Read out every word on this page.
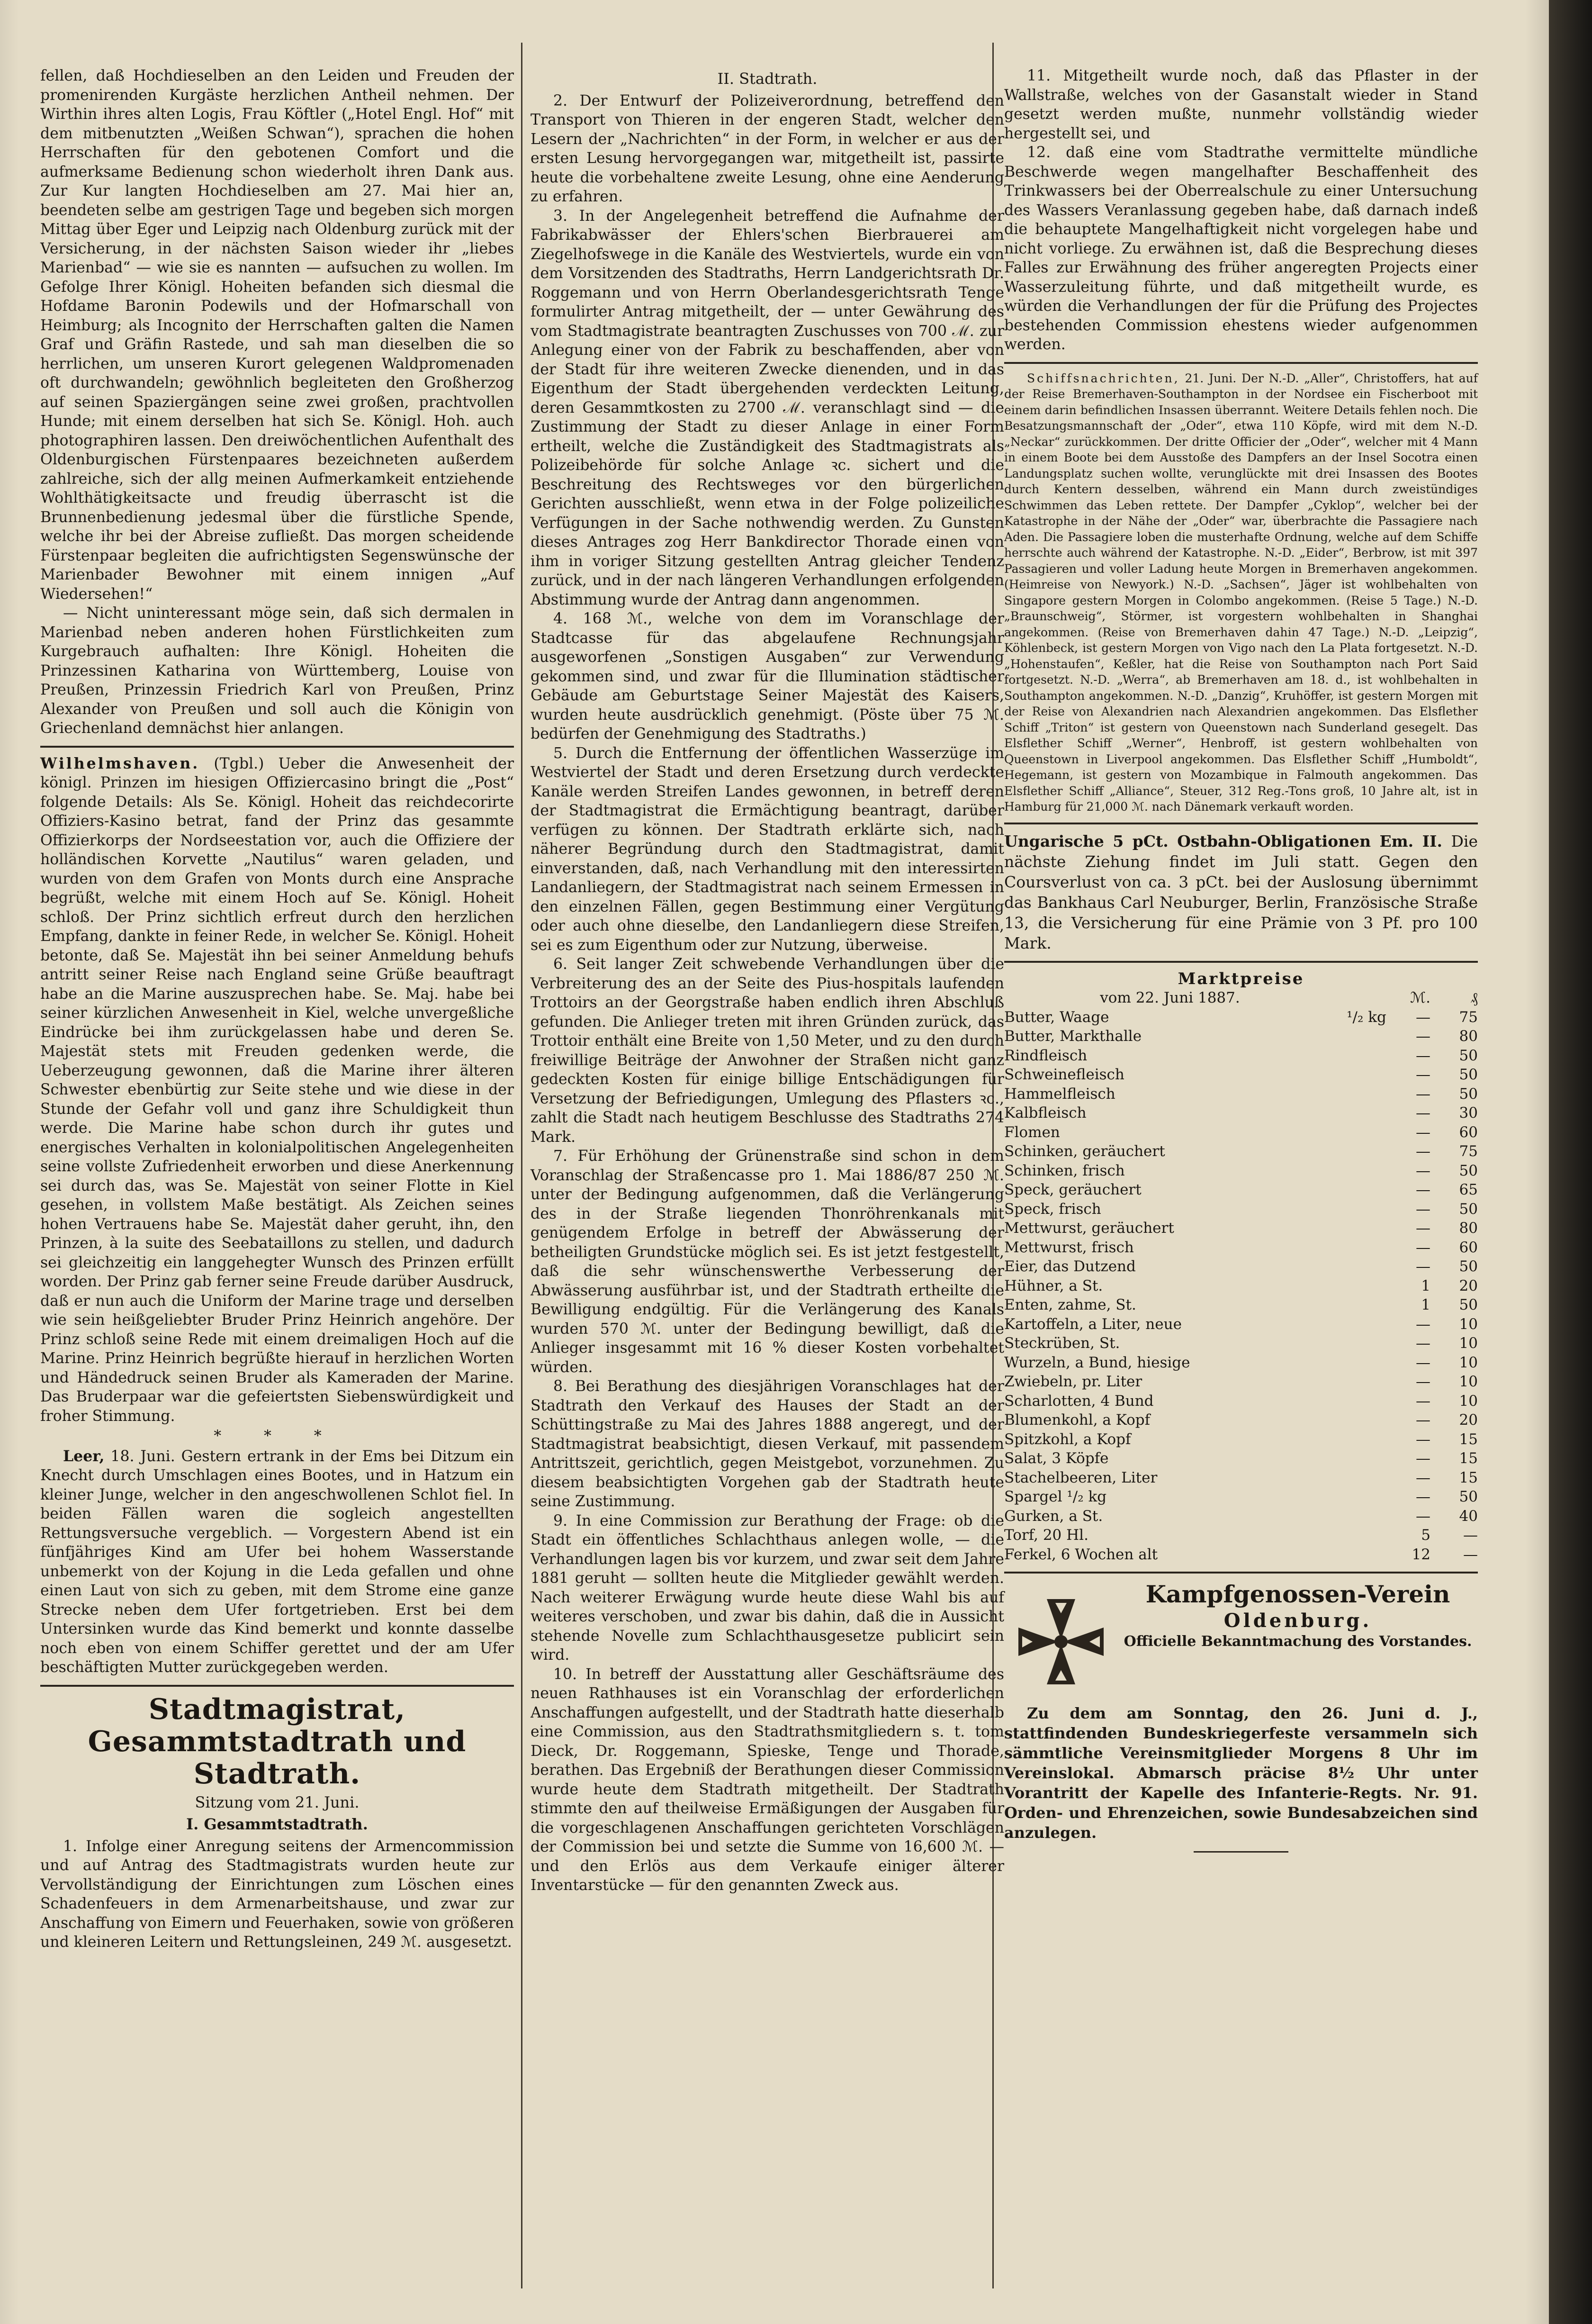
fellen, daß Hochdieselben an den Leiden und Freuden der promenirenden Kurgäste herzlichen Antheil nehmen. Der Wirthin ihres alten Logis, Frau Köftler („Hotel Engl. Hof“ mit dem mitbenutzten „Weißen Schwan“), sprachen die hohen Herrschaften für den gebotenen Comfort und die aufmerksame Bedienung schon wiederholt ihren Dank aus. Zur Kur langten Hochdieselben am 27. Mai hier an, beendeten selbe am gestrigen Tage und begeben sich morgen Mittag über Eger und Leipzig nach Oldenburg zurück mit der Versicherung, in der nächsten Saison wieder ihr „liebes Marienbad“ — wie sie es nannten — aufsuchen zu wollen. Im Gefolge Ihrer Königl. Hoheiten befanden sich diesmal die Hofdame Baronin Podewils und der Hofmarschall von Heimburg; als Incognito der Herrschaften galten die Namen Graf und Gräfin Rastede, und sah man dieselben die so herrlichen, um unseren Kurort gelegenen Waldpromenaden oft durchwandeln; gewöhnlich begleiteten den Großherzog auf seinen Spaziergängen seine zwei großen, prachtvollen Hunde; mit einem derselben hat sich Se. Königl. Hoh. auch photographiren lassen. Den dreiwöchentlichen Aufenthalt des Oldenburgischen Fürstenpaares bezeichneten außerdem zahlreiche, sich der allg meinen Aufmerkamkeit entziehende Wohlthätigkeitsacte und freudig überrascht ist die Brunnenbedienung jedesmal über die fürstliche Spende, welche ihr bei der Abreise zufließt. Das morgen scheidende Fürstenpaar begleiten die aufrichtigsten Segenswünsche der Marienbader Bewohner mit einem innigen „Auf Wiedersehen!“

— Nicht uninteressant möge sein, daß sich dermalen in Marienbad neben anderen hohen Fürstlichkeiten zum Kurgebrauch aufhalten: Ihre Königl. Hoheiten die Prinzessinen Katharina von Württemberg, Louise von Preußen, Prinzessin Friedrich Karl von Preußen, Prinz Alexander von Preußen und soll auch die Königin von Griechenland demnächst hier anlangen.

Wilhelmshaven. (Tgbl.) Ueber die Anwesenheit der königl. Prinzen im hiesigen Offiziercasino bringt die „Post“ folgende Details: Als Se. Königl. Hoheit das reichdecorirte Offiziers-Kasino betrat, fand der Prinz das gesammte Offizierkorps der Nordseestation vor, auch die Offiziere der holländischen Korvette „Nautilus“ waren geladen, und wurden von dem Grafen von Monts durch eine Ansprache begrüßt, welche mit einem Hoch auf Se. Königl. Hoheit schloß. Der Prinz sichtlich erfreut durch den herzlichen Empfang, dankte in feiner Rede, in welcher Se. Königl. Hoheit betonte, daß Se. Majestät ihn bei seiner Anmeldung behufs antritt seiner Reise nach England seine Grüße beauftragt habe an die Marine auszusprechen habe. Se. Maj. habe bei seiner kürzlichen Anwesenheit in Kiel, welche unvergeßliche Eindrücke bei ihm zurückgelassen habe und deren Se. Majestät stets mit Freuden gedenken werde, die Ueberzeugung gewonnen, daß die Marine ihrer älteren Schwester ebenbürtig zur Seite stehe und wie diese in der Stunde der Gefahr voll und ganz ihre Schuldigkeit thun werde. Die Marine habe schon durch ihr gutes und energisches Verhalten in kolonialpolitischen Angelegenheiten seine vollste Zufriedenheit erworben und diese Anerkennung sei durch das, was Se. Majestät von seiner Flotte in Kiel gesehen, in vollstem Maße bestätigt. Als Zeichen seines hohen Vertrauens habe Se. Majestät daher geruht, ihn, den Prinzen, à la suite des Seebataillons zu stellen, und dadurch sei gleichzeitig ein langgehegter Wunsch des Prinzen erfüllt worden. Der Prinz gab ferner seine Freude darüber Ausdruck, daß er nun auch die Uniform der Marine trage und derselben wie sein heißgeliebter Bruder Prinz Heinrich angehöre. Der Prinz schloß seine Rede mit einem dreimaligen Hoch auf die Marine. Prinz Heinrich begrüßte hierauf in herzlichen Worten und Händedruck seinen Bruder als Kameraden der Marine. Das Bruderpaar war die gefeiertsten Siebenswürdigkeit und froher Stimmung.

* * *

Leer, 18. Juni. Gestern ertrank in der Ems bei Ditzum ein Knecht durch Umschlagen eines Bootes, und in Hatzum ein kleiner Junge, welcher in den angeschwollenen Schlot fiel. In beiden Fällen waren die sogleich angestellten Rettungsversuche vergeblich. — Vorgestern Abend ist ein fünfjähriges Kind am Ufer bei hohem Wasserstande unbemerkt von der Kojung in die Leda gefallen und ohne einen Laut von sich zu geben, mit dem Strome eine ganze Strecke neben dem Ufer fortgetrieben. Erst bei dem Untersinken wurde das Kind bemerkt und konnte dasselbe noch eben von einem Schiffer gerettet und der am Ufer beschäftigten Mutter zurückgegeben werden.

Stadtmagistrat, Gesammtstadtrath und Stadtrath.
Sitzung vom 21. Juni.
I. Gesammtstadtrath.

1. Infolge einer Anregung seitens der Armencommission und auf Antrag des Stadtmagistrats wurden heute zur Vervollständigung der Einrichtungen zum Löschen eines Schadenfeuers in dem Armenarbeitshause, und zwar zur Anschaffung von Eimern und Feuerhaken, sowie von größeren und kleineren Leitern und Rettungsleinen, 249 ℳ. ausgesetzt.

II. Stadtrath.

2. Der Entwurf der Polizeiverordnung, betreffend den Transport von Thieren in der engeren Stadt, welcher den Lesern der „Nachrichten“ in der Form, in welcher er aus der ersten Lesung hervorgegangen war, mitgetheilt ist, passirte heute die vorbehaltene zweite Lesung, ohne eine Aenderung zu erfahren.

3. In der Angelegenheit betreffend die Aufnahme der Fabrikabwässer der Ehlers'schen Bierbrauerei am Ziegelhofswege in die Kanäle des Westviertels, wurde ein von dem Vorsitzenden des Stadtraths, Herrn Landgerichtsrath Dr. Roggemann und von Herrn Oberlandesgerichtsrath Tenge formulirter Antrag mitgetheilt, der — unter Gewährung des vom Stadtmagistrate beantragten Zuschusses von 700 ℳ. zur Anlegung einer von der Fabrik zu beschaffenden, aber von der Stadt für ihre weiteren Zwecke dienenden, und in das Eigenthum der Stadt übergehenden verdeckten Leitung, deren Gesammtkosten zu 2700 ℳ. veranschlagt sind — die Zustimmung der Stadt zu dieser Anlage in einer Form ertheilt, welche die Zuständigkeit des Stadtmagistrats als Polizeibehörde für solche Anlage ꝛc. sichert und die Beschreitung des Rechtsweges vor den bürgerlichen Gerichten ausschließt, wenn etwa in der Folge polizeiliche Verfügungen in der Sache nothwendig werden. Zu Gunsten dieses Antrages zog Herr Bankdirector Thorade einen von ihm in voriger Sitzung gestellten Antrag gleicher Tendenz zurück, und in der nach längeren Verhandlungen erfolgenden Abstimmung wurde der Antrag dann angenommen.

4. 168 ℳ., welche von dem im Voranschlage der Stadtcasse für das abgelaufene Rechnungsjahr ausgeworfenen „Sonstigen Ausgaben“ zur Verwendung gekommen sind, und zwar für die Illumination städtischer Gebäude am Geburtstage Seiner Majestät des Kaisers, wurden heute ausdrücklich genehmigt. (Pöste über 75 ℳ. bedürfen der Genehmigung des Stadtraths.)

5. Durch die Entfernung der öffentlichen Wasserzüge im Westviertel der Stadt und deren Ersetzung durch verdeckte Kanäle werden Streifen Landes gewonnen, in betreff deren der Stadtmagistrat die Ermächtigung beantragt, darüber verfügen zu können. Der Stadtrath erklärte sich, nach näherer Begründung durch den Stadtmagistrat, damit einverstanden, daß, nach Verhandlung mit den interessirten Landanliegern, der Stadtmagistrat nach seinem Ermessen in den einzelnen Fällen, gegen Bestimmung einer Vergütung oder auch ohne dieselbe, den Landanliegern diese Streifen, sei es zum Eigenthum oder zur Nutzung, überweise.

6. Seit langer Zeit schwebende Verhandlungen über die Verbreiterung des an der Seite des Pius-hospitals laufenden Trottoirs an der Georgstraße haben endlich ihren Abschluß gefunden. Die Anlieger treten mit ihren Gründen zurück, das Trottoir enthält eine Breite von 1,50 Meter, und zu den durch freiwillige Beiträge der Anwohner der Straßen nicht ganz gedeckten Kosten für einige billige Entschädigungen für Versetzung der Befriedigungen, Umlegung des Pflasters ꝛc., zahlt die Stadt nach heutigem Beschlusse des Stadtraths 274 Mark.

7. Für Erhöhung der Grünenstraße sind schon in dem Voranschlag der Straßencasse pro 1. Mai 1886/87 250 ℳ. unter der Bedingung aufgenommen, daß die Verlängerung des in der Straße liegenden Thonröhrenkanals mit genügendem Erfolge in betreff der Abwässerung der betheiligten Grundstücke möglich sei. Es ist jetzt festgestellt, daß die sehr wünschenswerthe Verbesserung der Abwässerung ausführbar ist, und der Stadtrath ertheilte die Bewilligung endgültig. Für die Verlängerung des Kanals wurden 570 ℳ. unter der Bedingung bewilligt, daß die Anlieger insgesammt mit 16 % dieser Kosten vorbehaltet würden.

8. Bei Berathung des diesjährigen Voranschlages hat der Stadtrath den Verkauf des Hauses der Stadt an der Schüttingstraße zu Mai des Jahres 1888 angeregt, und der Stadtmagistrat beabsichtigt, diesen Verkauf, mit passendem Antrittszeit, gerichtlich, gegen Meistgebot, vorzunehmen. Zu diesem beabsichtigten Vorgehen gab der Stadtrath heute seine Zustimmung.

9. In eine Commission zur Berathung der Frage: ob die Stadt ein öffentliches Schlachthaus anlegen wolle, — die Verhandlungen lagen bis vor kurzem, und zwar seit dem Jahre 1881 geruht — sollten heute die Mitglieder gewählt werden. Nach weiterer Erwägung wurde heute diese Wahl bis auf weiteres verschoben, und zwar bis dahin, daß die in Aussicht stehende Novelle zum Schlachthausgesetze publicirt sein wird.

10. In betreff der Ausstattung aller Geschäftsräume des neuen Rathhauses ist ein Voranschlag der erforderlichen Anschaffungen aufgestellt, und der Stadtrath hatte dieserhalb eine Commission, aus den Stadtrathsmitgliedern s. t. tom Dieck, Dr. Roggemann, Spieske, Tenge und Thorade, berathen. Das Ergebniß der Berathungen dieser Commission wurde heute dem Stadtrath mitgetheilt. Der Stadtrath stimmte den auf theilweise Ermäßigungen der Ausgaben für die vorgeschlagenen Anschaffungen gerichteten Vorschlägen der Commission bei und setzte die Summe von 16,600 ℳ. — und den Erlös aus dem Verkaufe einiger älterer Inventarstücke — für den genannten Zweck aus.

11. Mitgetheilt wurde noch, daß das Pflaster in der Wallstraße, welches von der Gasanstalt wieder in Stand gesetzt werden mußte, nunmehr vollständig wieder hergestellt sei, und

12. daß eine vom Stadtrathe vermittelte mündliche Beschwerde wegen mangelhafter Beschaffenheit des Trinkwassers bei der Oberrealschule zu einer Untersuchung des Wassers Veranlassung gegeben habe, daß darnach indeß die behauptete Mangelhaftigkeit nicht vorgelegen habe und nicht vorliege. Zu erwähnen ist, daß die Besprechung dieses Falles zur Erwähnung des früher angeregten Projects einer Wasserzuleitung führte, und daß mitgetheilt wurde, es würden die Verhandlungen der für die Prüfung des Projectes bestehenden Commission ehestens wieder aufgenommen werden.

Schiffsnachrichten, 21. Juni. Der N.-D. „Aller“, Christoffers, hat auf der Reise Bremerhaven-Southampton in der Nordsee ein Fischerboot mit einem darin befindlichen Insassen überrannt. Weitere Details fehlen noch. Die Besatzungsmannschaft der „Oder“, etwa 110 Köpfe, wird mit dem N.-D. „Neckar“ zurückkommen. Der dritte Officier der „Oder“, welcher mit 4 Mann in einem Boote bei dem Ausstoße des Dampfers an der Insel Socotra einen Landungsplatz suchen wollte, verunglückte mit drei Insassen des Bootes durch Kentern desselben, während ein Mann durch zweistündiges Schwimmen das Leben rettete. Der Dampfer „Cyklop“, welcher bei der Katastrophe in der Nähe der „Oder“ war, überbrachte die Passagiere nach Aden. Die Passagiere loben die musterhafte Ordnung, welche auf dem Schiffe herrschte auch während der Katastrophe. N.-D. „Eider“, Berbrow, ist mit 397 Passagieren und voller Ladung heute Morgen in Bremerhaven angekommen. (Heimreise von Newyork.) N.-D. „Sachsen“, Jäger ist wohlbehalten von Singapore gestern Morgen in Colombo angekommen. (Reise 5 Tage.) N.-D. „Braunschweig“, Störmer, ist vorgestern wohlbehalten in Shanghai angekommen. (Reise von Bremerhaven dahin 47 Tage.) N.-D. „Leipzig“, Köhlenbeck, ist gestern Morgen von Vigo nach den La Plata fortgesetzt. N.-D. „Hohenstaufen“, Keßler, hat die Reise von Southampton nach Port Said fortgesetzt. N.-D. „Werra“, ab Bremerhaven am 18. d., ist wohlbehalten in Southampton angekommen. N.-D. „Danzig“, Kruhöffer, ist gestern Morgen mit der Reise von Alexandrien nach Alexandrien angekommen. Das Elsflether Schiff „Triton“ ist gestern von Queenstown nach Sunderland gesegelt. Das Elsflether Schiff „Werner“, Henbroff, ist gestern wohlbehalten von Queenstown in Liverpool angekommen. Das Elsflether Schiff „Humboldt“, Hegemann, ist gestern von Mozambique in Falmouth angekommen. Das Elsflether Schiff „Alliance“, Steuer, 312 Reg.-Tons groß, 10 Jahre alt, ist in Hamburg für 21,000 ℳ. nach Dänemark verkauft worden.

Ungarische 5 pCt. Ostbahn-Obligationen Em. II. Die nächste Ziehung findet im Juli statt. Gegen den Coursverlust von ca. 3 pCt. bei der Auslosung übernimmt das Bankhaus Carl Neuburger, Berlin, Französische Straße 13, die Versicherung für eine Prämie von 3 Pf. pro 100 Mark.
Marktpreise
vom 22. Juni 1887.		ℳ.	₰
Butter, Waage	¹/₂ kg	—	75
Butter, Markthalle		—	80
Rindfleisch		—	50
Schweinefleisch		—	50
Hammelfleisch		—	50
Kalbfleisch		—	30
Flomen		—	60
Schinken, geräuchert		—	75
Schinken, frisch		—	50
Speck, geräuchert		—	65
Speck, frisch		—	50
Mettwurst, geräuchert		—	80
Mettwurst, frisch		—	60
Eier, das Dutzend		—	50
Hühner, a St.		1	20
Enten, zahme, St.		1	50
Kartoffeln, a Liter, neue		—	10
Steckrüben, St.		—	10
Wurzeln, a Bund, hiesige		—	10
Zwiebeln, pr. Liter		—	10
Scharlotten, 4 Bund		—	10
Blumenkohl, a Kopf		—	20
Spitzkohl, a Kopf		—	15
Salat, 3 Köpfe		—	15
Stachelbeeren, Liter		—	15
Spargel ¹/₂ kg		—	50
Gurken, a St.		—	40
Torf, 20 Hl.		5	—
Ferkel, 6 Wochen alt		12	—
Kampfgenossen-Verein
Oldenburg.
Officielle Bekanntmachung des Vorstandes.

Zu dem am Sonntag, den 26. Juni d. J., stattfindenden Bundeskriegerfeste versammeln sich sämmtliche Vereinsmitglieder Morgens 8 Uhr im Vereinslokal. Abmarsch präcise 8½ Uhr unter Vorantritt der Kapelle des Infanterie-Regts. Nr. 91. Orden- und Ehrenzeichen, sowie Bundesabzeichen sind anzulegen.
